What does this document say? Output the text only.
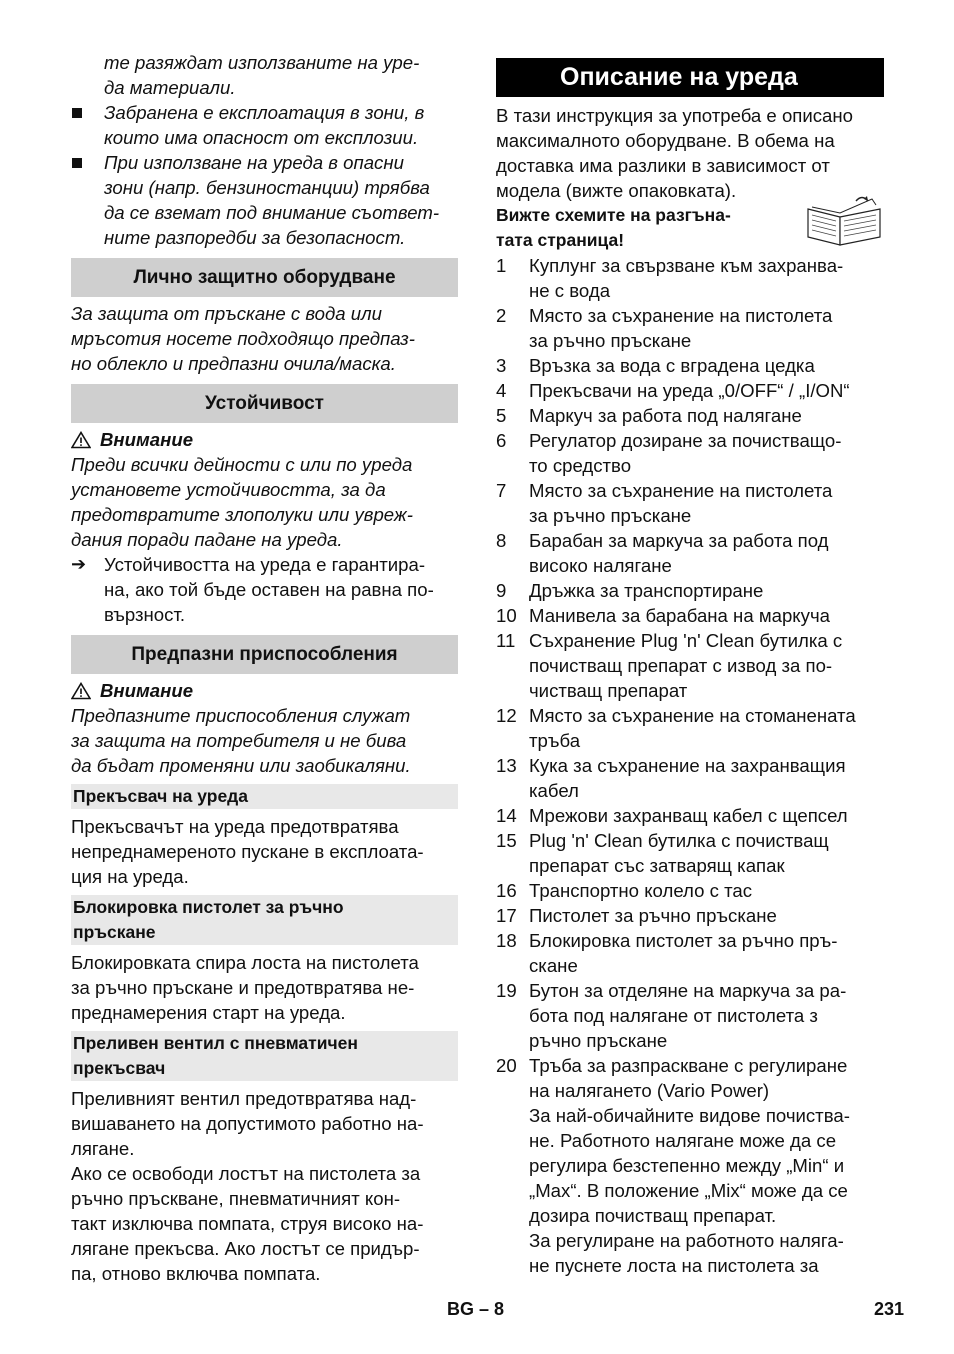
те разяждат използваните на уре-
да материали.
Забранена е експлоатация в зони, в
които има опасност от експлозии.
При използване на уреда в опасни
зони (напр. бензиностанции) трябва
да се вземат под внимание съответ-
ните разпоредби за безопасност.
Лично защитно оборудване
За защита от пръскане с вода или
мръсотия носете подходящо предпаз-
но облекло и предпазни очила/маска.
Устойчивост
Внимание
Преди всички дейности с или по уреда
установете устойчивостта, за да
предотвратите злополуки или увреж-
дания поради падане на уреда.
➔ Устойчивостта на уреда е гарантира-
на, ако той бъде оставен на равна по-
вързност.
Предпазни приспособления
Внимание
Предпазните приспособления служат
за защита на потребителя и не бива
да бъдат променяни или заобикаляни.
Прекъсвач на уреда
Прекъсвачът на уреда предотвратява
непреднамереното пускане в експлоата-
ция на уреда.
Блокировка пистолет за ръчно
пръскане
Блокировката спира лоста на пистолета
за ръчно пръскане и предотвратява не-
преднамерения старт на уреда.
Преливен вентил с пневматичен
прекъсвач
Преливният вентил предотвратява над-
вишаването на допустимото работно на-
лягане.
Ако се освободи лостът на пистолета за
ръчно пръскване, пневматичният кон-
такт изключва помпата, струя високо на-
лягане прекъсва. Ако лостът се придър-
па, отново включва помпата.
Описание на уреда
В тази инструкция за употреба е описано
максималното оборудване. В обема на
доставка има разлики в зависимост от
модела (вижте опаковката).
Вижте схемите на разгъна-
тата страница!
1	Куплунг за свързване към захранва-
не с вода
2	Място за съхранение на пистолета
за ръчно пръскане
3	Връзка за вода с вградена цедка
4	Прекъсвачи на уреда „0/OFF“ / „I/ON“
5	Маркуч за работа под налягане
6	Регулатор дозиране за почистващо-
то средство
7	Място за съхранение на пистолета
за ръчно пръскане
8	Барабан за маркуча за работа под
високо налягане
9	Дръжка за транспортиране
10 Манивела за барабана на маркуча
11 Съхранение Plug 'n' Clean бутилка с
почистващ препарат с извод за по-
чистващ препарат
12 Място за съхранение на стоманената
тръба
13 Кука за съхранение на захранващия
кабел
14 Мрежови захранващ кабел с щепсел
15 Plug 'n' Clean бутилка с почистващ
препарат със затварящ капак
16 Транспортно колело с тас
17 Пистолет за ръчно пръскане
18 Блокировка пистолет за ръчно пръ-
скане
19 Бутон за отделяне на маркуча за ра-
бота под налягане от пистолета з
ръчно пръскане
20 Тръба за разпраскване с регулиране
на налягането (Vario Power)
За най-обичайните видове почиства-
не. Работното налягане може да се
регулира безстепенно между „Min“ и
„Max“. В положение „Mix“ може да се
дозира почистващ препарат.
За регулиране на работното наляга-
не пуснете лоста на пистолета за
BG – 8	231
